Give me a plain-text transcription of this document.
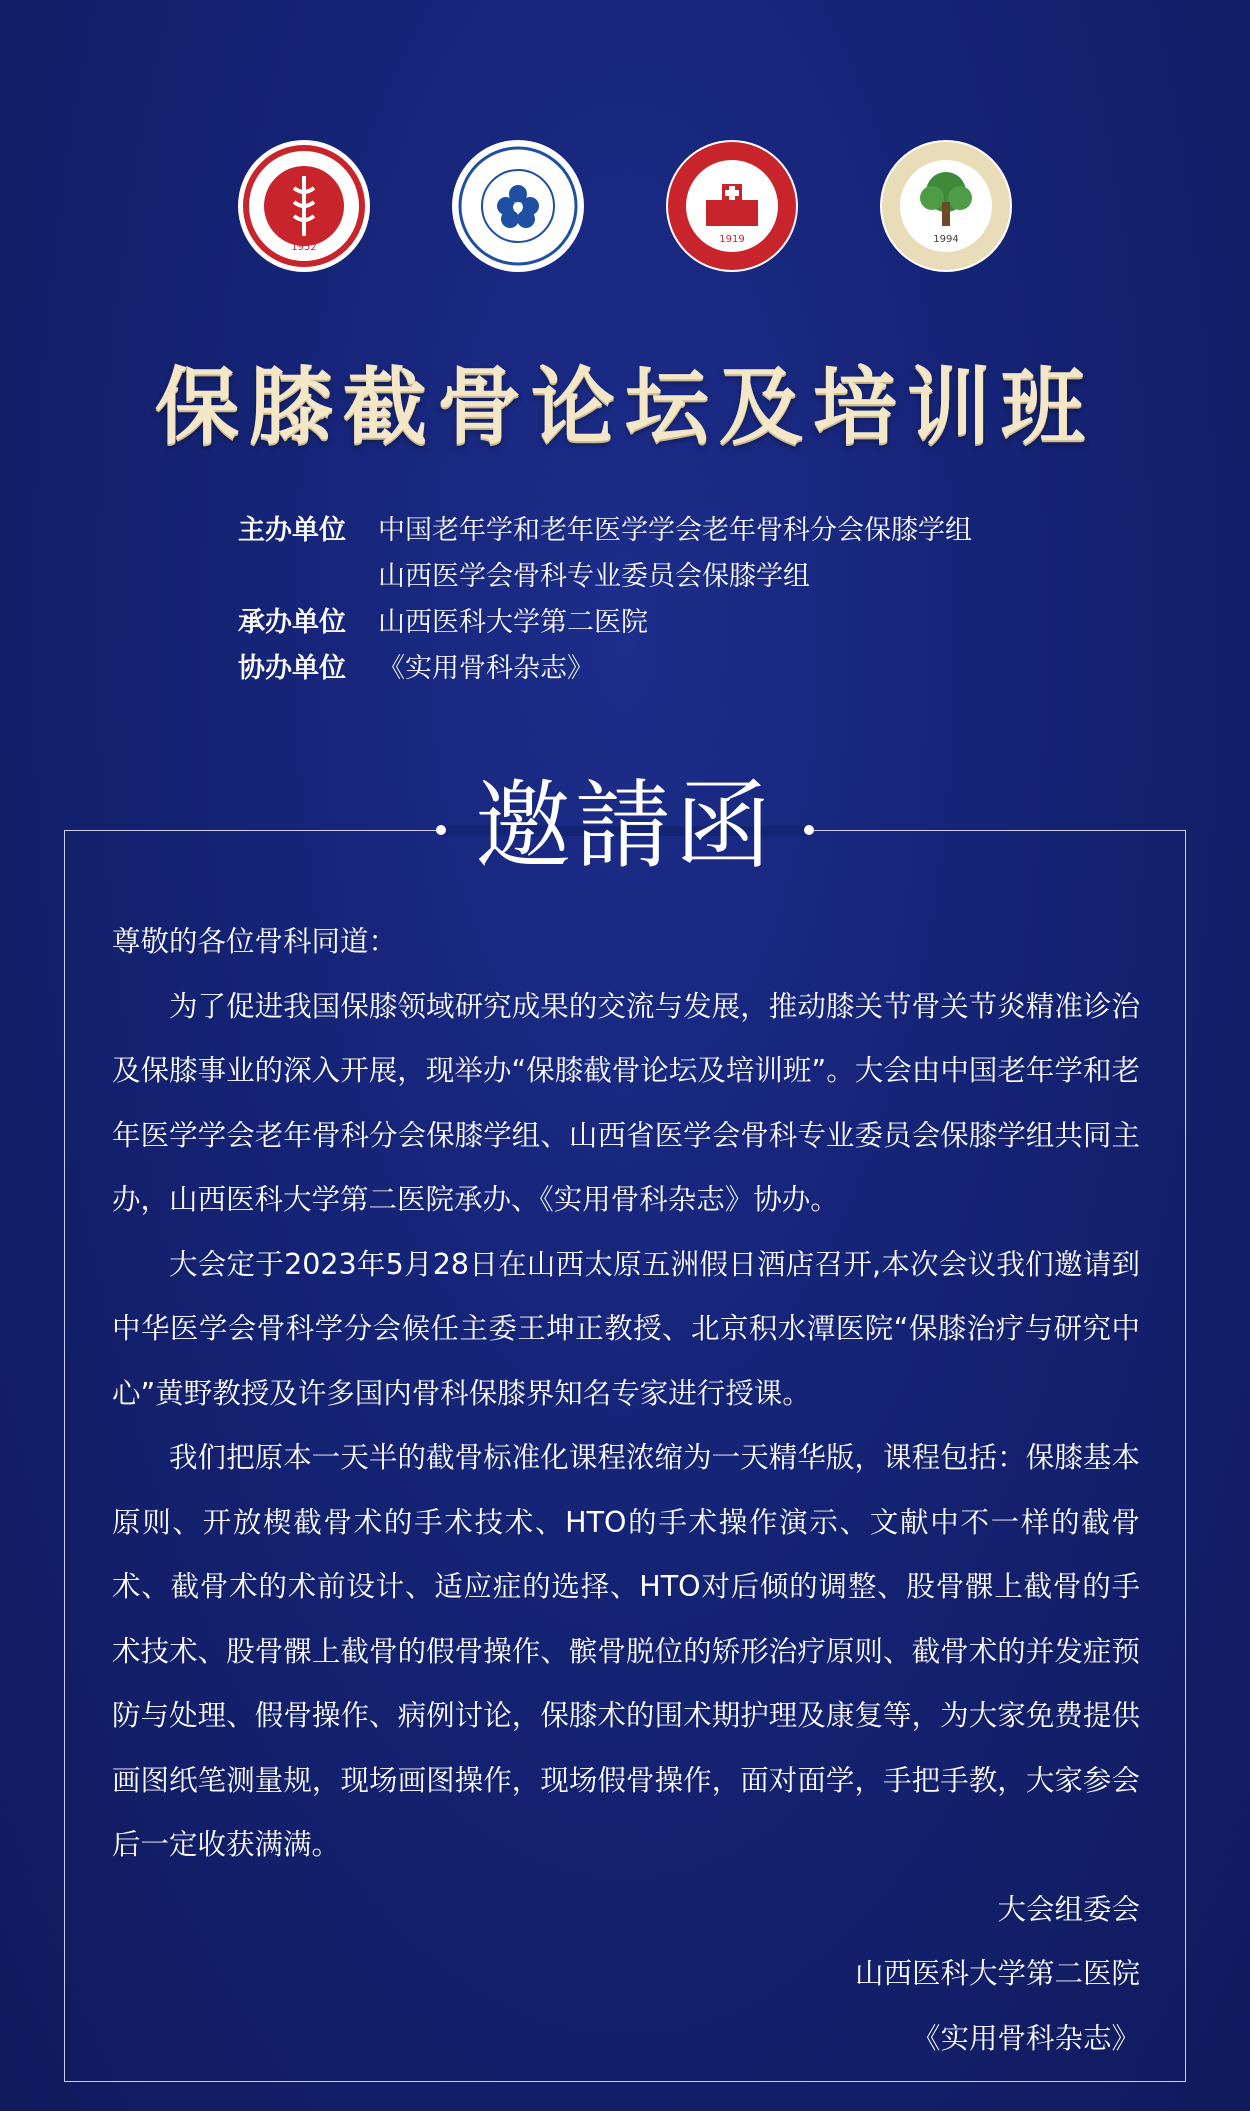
1952
1919	1994
保膝截骨论坛及培训班
主办单位	中国老年学和老年医学学会老年骨科分会保膝学组
山西医学会骨科专业委员会保膝学组
承办单位	山西医科大学第二医院
协办单位	《实用骨科杂志》
邀請函

尊敬的各位骨科同道：

为了促进我国保膝领域研究成果的交流与发展，推动膝关节骨关节炎精准诊治及保膝事业的深入开展，现举办“保膝截骨论坛及培训班”。大会由中国老年学和老年医学学会老年骨科分会保膝学组、山西省医学会骨科专业委员会保膝学组共同主办，山西医科大学第二医院承办、《实用骨科杂志》协办。

大会定于2023年5月28日在山西太原五洲假日酒店召开,本次会议我们邀请到中华医学会骨科学分会候任主委王坤正教授、北京积水潭医院“保膝治疗与研究中心”黄野教授及许多国内骨科保膝界知名专家进行授课。

我们把原本一天半的截骨标准化课程浓缩为一天精华版，课程包括：保膝基本原则、开放楔截骨术的手术技术、HTO的手术操作演示、文献中不一样的截骨术、截骨术的术前设计、适应症的选择、HTO对后倾的调整、股骨髁上截骨的手术技术、股骨髁上截骨的假骨操作、髌骨脱位的矫形治疗原则、截骨术的并发症预防与处理、假骨操作、病例讨论，保膝术的围术期护理及康复等，为大家免费提供画图纸笔测量规，现场画图操作，现场假骨操作，面对面学，手把手教，大家参会后一定收获满满。

大会组委会

山西医科大学第二医院

《实用骨科杂志》
